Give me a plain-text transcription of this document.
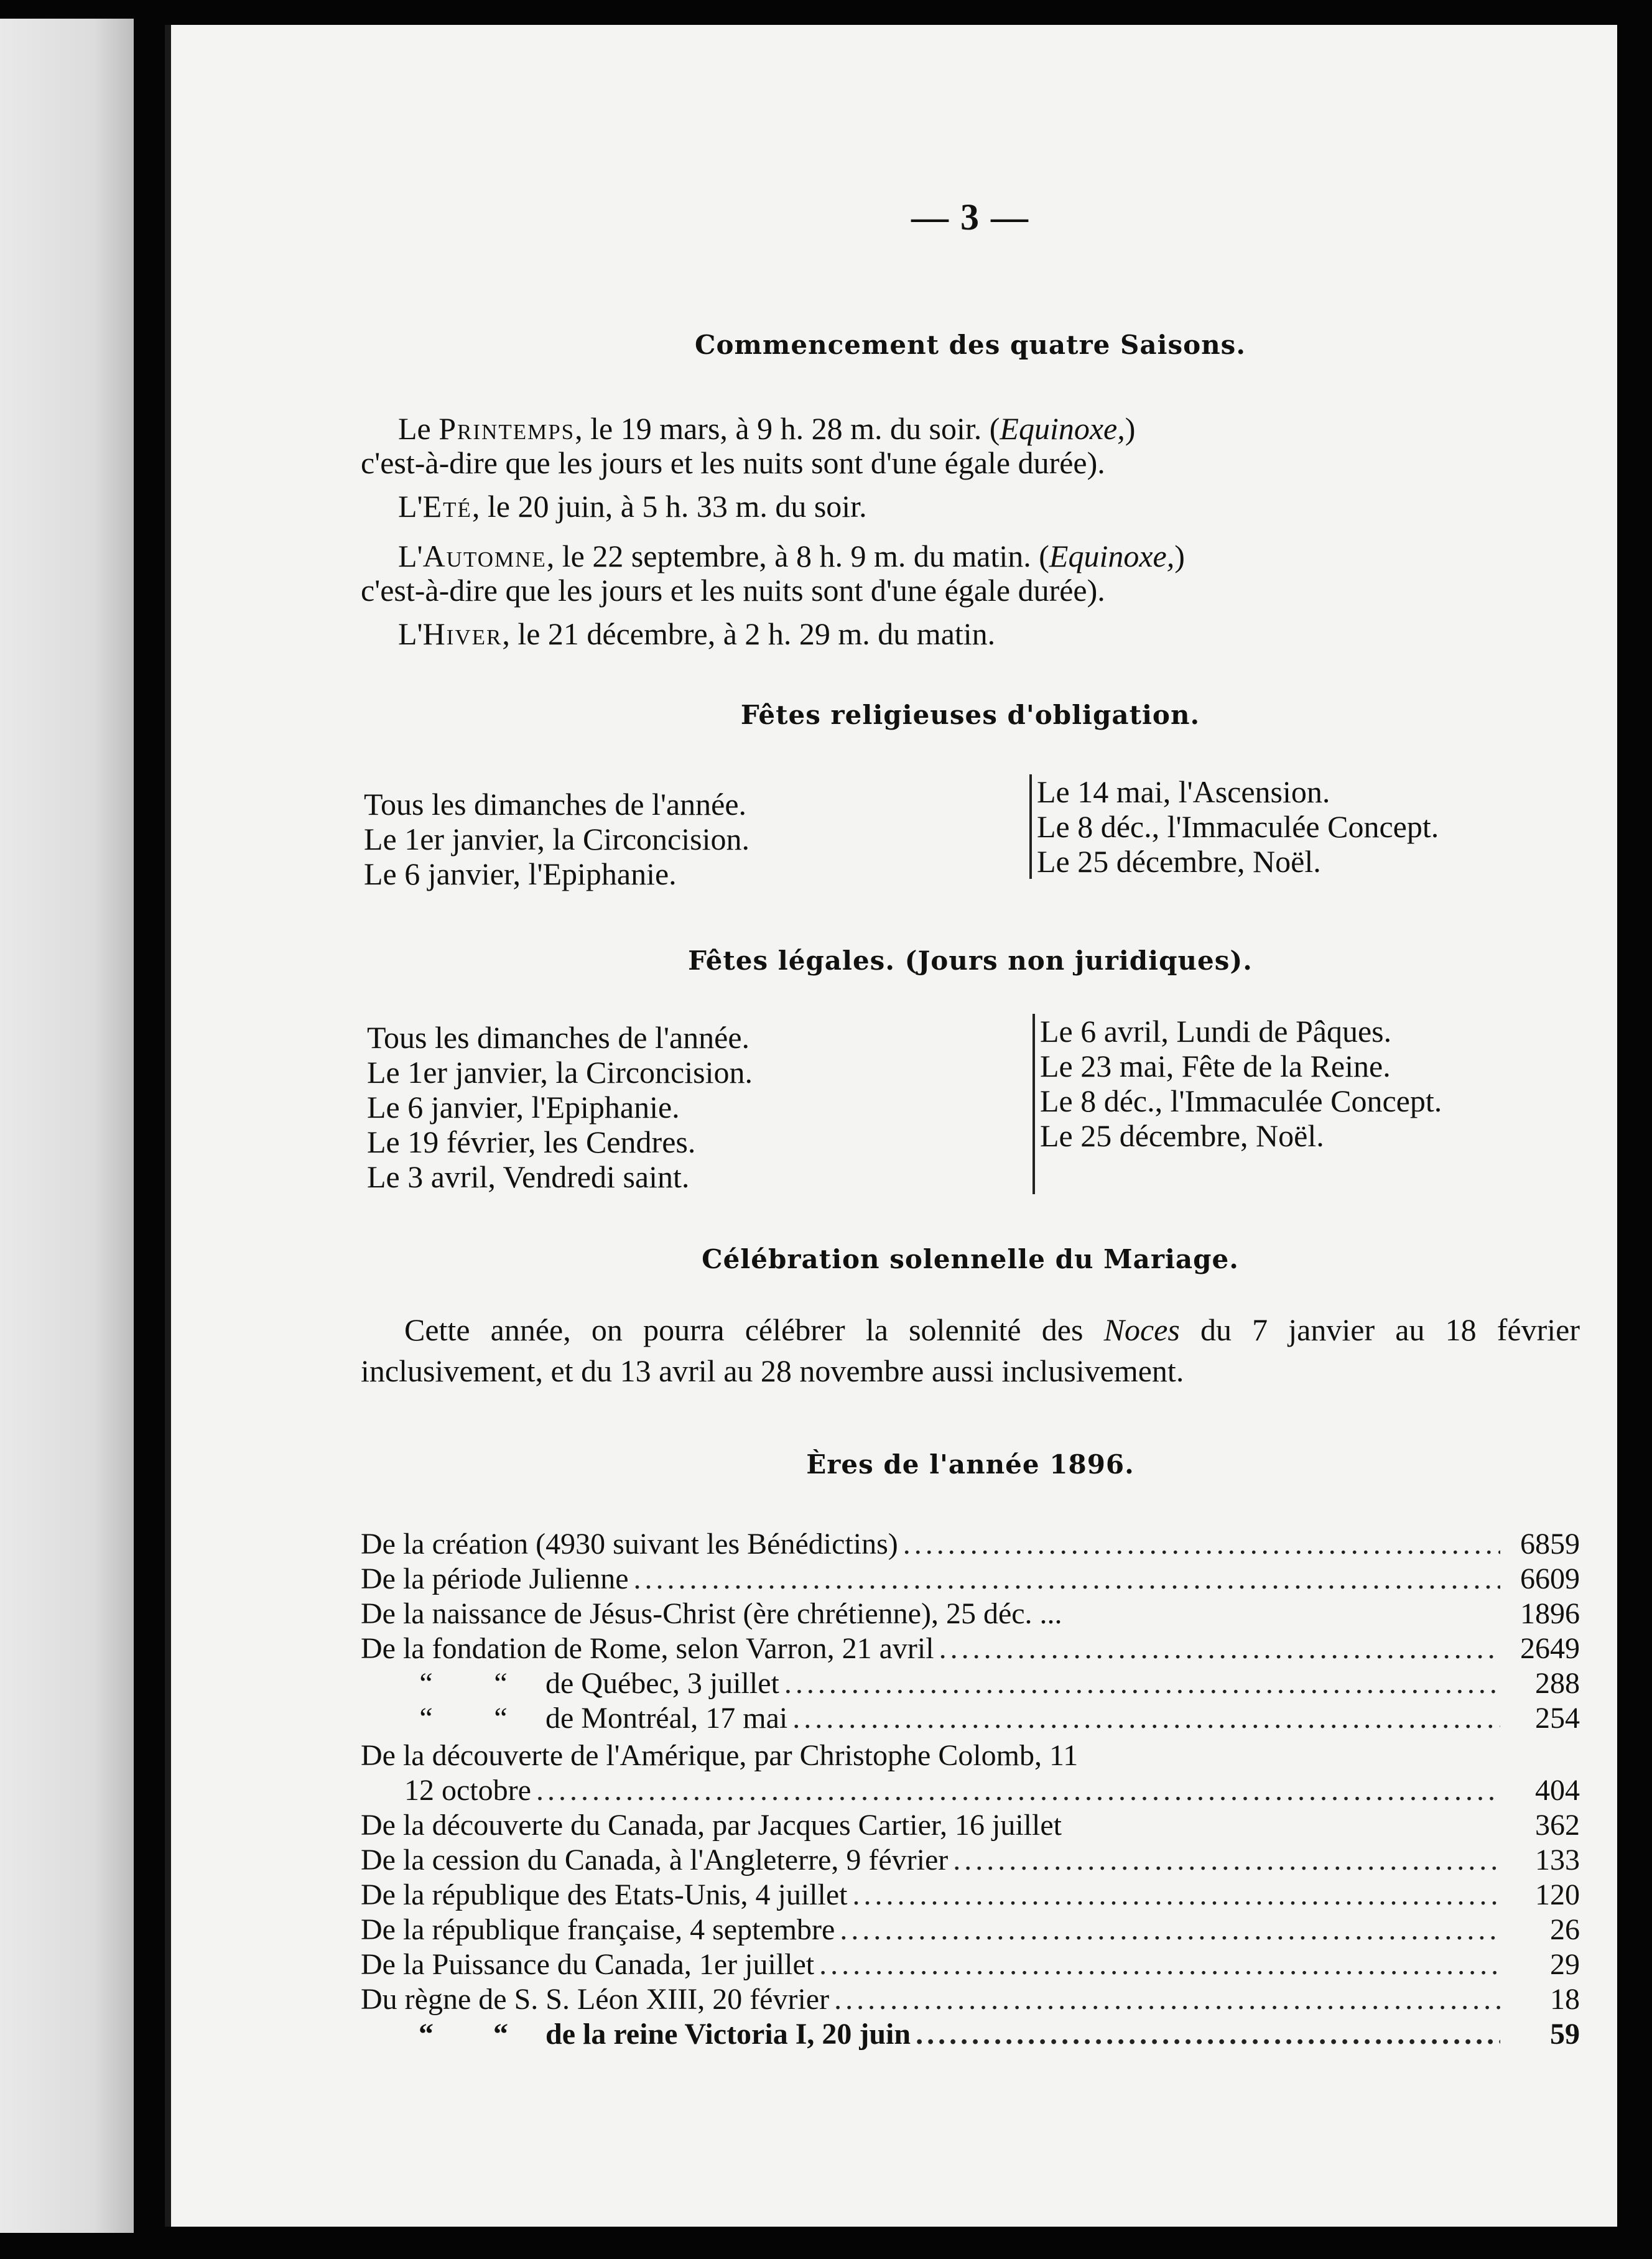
— 3 —
Commencement des quatre Saisons.
Le Printemps, le 19 mars, à 9 h. 28 m. du soir. (Equinoxe,)
c'est-à-dire que les jours et les nuits sont d'une égale durée).
L'Eté, le 20 juin, à 5 h. 33 m. du soir.
L'Automne, le 22 septembre, à 8 h. 9 m. du matin. (Equinoxe,)
c'est-à-dire que les jours et les nuits sont d'une égale durée).
L'Hiver, le 21 décembre, à 2 h. 29 m. du matin.
Fêtes religieuses d'obligation.
Tous les dimanches de l'année.
Le 1er janvier, la Circoncision.
Le 6 janvier, l'Epiphanie.
Le 14 mai, l'Ascension.
Le 8 déc., l'Immaculée Concept.
Le 25 décembre, Noël.
Fêtes légales. (Jours non juridiques).
Tous les dimanches de l'année.
Le 1er janvier, la Circoncision.
Le 6 janvier, l'Epiphanie.
Le 19 février, les Cendres.
Le 3 avril, Vendredi saint.
Le 6 avril, Lundi de Pâques.
Le 23 mai, Fête de la Reine.
Le 8 déc., l'Immaculée Concept.
Le 25 décembre, Noël.
Célébration solennelle du Mariage.
Cette année, on pourra célébrer la solennité des Noces du 7 janvier au 18 février inclusivement, et du 13 avril au 28 novembre aussi inclusivement.
Ères de l'année 1896.
De la création (4930 suivant les Bénédictins) .....	6859
De la période Julienne .....	6609
De la naissance de Jésus-Christ (ère chrétienne), 25 déc. ...	1896
De la fondation de Rome, selon Varron, 21 avril .....	2649
“ “ de Québec, 3 juillet .....	288
“ “ de Montréal, 17 mai .....	254
De la découverte de l'Amérique, par Christophe Colomb, 11
12 octobre .....	404
De la découverte du Canada, par Jacques Cartier, 16 juillet	362
De la cession du Canada, à l'Angleterre, 9 février .....	133
De la république des Etats-Unis, 4 juillet .....	120
De la république française, 4 septembre .....	26
De la Puissance du Canada, 1er juillet .....	29
Du règne de S. S. Léon XIII, 20 février .....	18
“ “ de la reine Victoria I, 20 juin .....	59
